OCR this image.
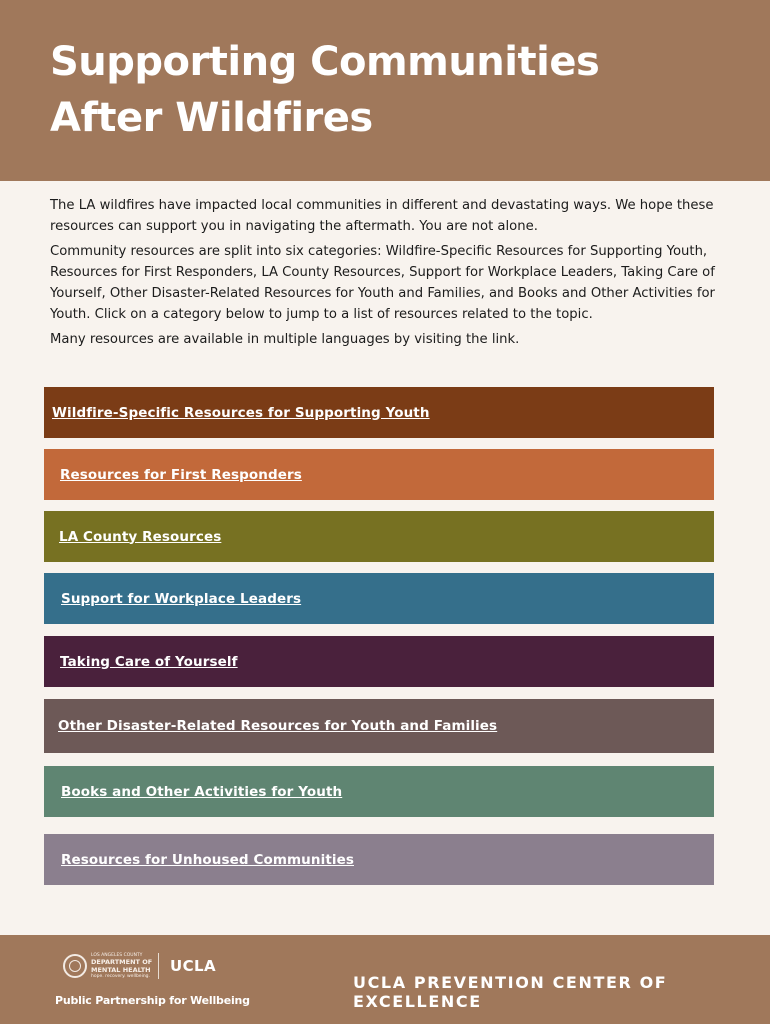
Supporting Communities
After Wildfires

The LA wildfires have impacted local communities in different and devastating ways. We hope these resources can support you in navigating the aftermath. You are not alone.

Community resources are split into six categories: Wildfire-Specific Resources for Supporting Youth, Resources for First Responders, LA County Resources, Support for Workplace Leaders, Taking Care of Yourself, Other Disaster-Related Resources for Youth and Families, and Books and Other Activities for Youth. Click on a category below to jump to a list of resources related to the topic.

Many resources are available in multiple languages by visiting the link.

Wildfire-Specific Resources for Supporting Youth
Resources for First Responders
LA County Resources
Support for Workplace Leaders
Taking Care of Yourself
Other Disaster-Related Resources for Youth and Families
Books and Other Activities for Youth
Resources for Unhoused Communities
LOS ANGELES COUNTY
DEPARTMENT OF
MENTAL HEALTH
hope. recovery. wellbeing.
UCLA
Public Partnership for Wellbeing
UCLA PREVENTION CENTER OF EXCELLENCE
